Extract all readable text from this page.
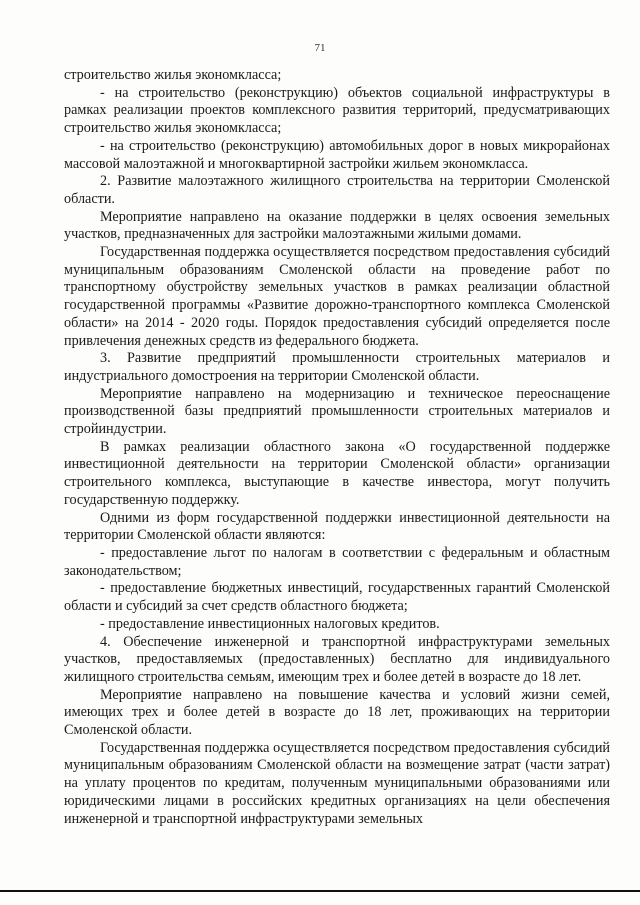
71

строительство жилья экономкласса;

- на строительство (реконструкцию) объектов социальной инфраструктуры в рамках реализации проектов комплексного развития территорий, предусматривающих строительство жилья экономкласса;

- на строительство (реконструкцию) автомобильных дорог в новых микрорайонах массовой малоэтажной и многоквартирной застройки жильем экономкласса.

2. Развитие малоэтажного жилищного строительства на территории Смоленской области.

Мероприятие направлено на оказание поддержки в целях освоения земельных участков, предназначенных для застройки малоэтажными жилыми домами.

Государственная поддержка осуществляется посредством предоставления субсидий муниципальным образованиям Смоленской области на проведение работ по транспортному обустройству земельных участков в рамках реализации областной государственной программы «Развитие дорожно-транспортного комплекса Смоленской области» на 2014 - 2020 годы. Порядок предоставления субсидий определяется после привлечения денежных средств из федерального бюджета.

3. Развитие предприятий промышленности строительных материалов и индустриального домостроения на территории Смоленской области.

Мероприятие направлено на модернизацию и техническое переоснащение производственной базы предприятий промышленности строительных материалов и стройиндустрии.

В рамках реализации областного закона «О государственной поддержке инвестиционной деятельности на территории Смоленской области» организации строительного комплекса, выступающие в качестве инвестора, могут получить государственную поддержку.

Одними из форм государственной поддержки инвестиционной деятельности на территории Смоленской области являются:

- предоставление льгот по налогам в соответствии с федеральным и областным законодательством;

- предоставление бюджетных инвестиций, государственных гарантий Смоленской области и субсидий за счет средств областного бюджета;

- предоставление инвестиционных налоговых кредитов.

4. Обеспечение инженерной и транспортной инфраструктурами земельных участков, предоставляемых (предоставленных) бесплатно для индивидуального жилищного строительства семьям, имеющим трех и более детей в возрасте до 18 лет.

Мероприятие направлено на повышение качества и условий жизни семей, имеющих трех и более детей в возрасте до 18 лет, проживающих на территории Смоленской области.

Государственная поддержка осуществляется посредством предоставления субсидий муниципальным образованиям Смоленской области на возмещение затрат (части затрат) на уплату процентов по кредитам, полученным муниципальными образованиями или юридическими лицами в российских кредитных организациях на цели обеспечения инженерной и транспортной инфраструктурами земельных
